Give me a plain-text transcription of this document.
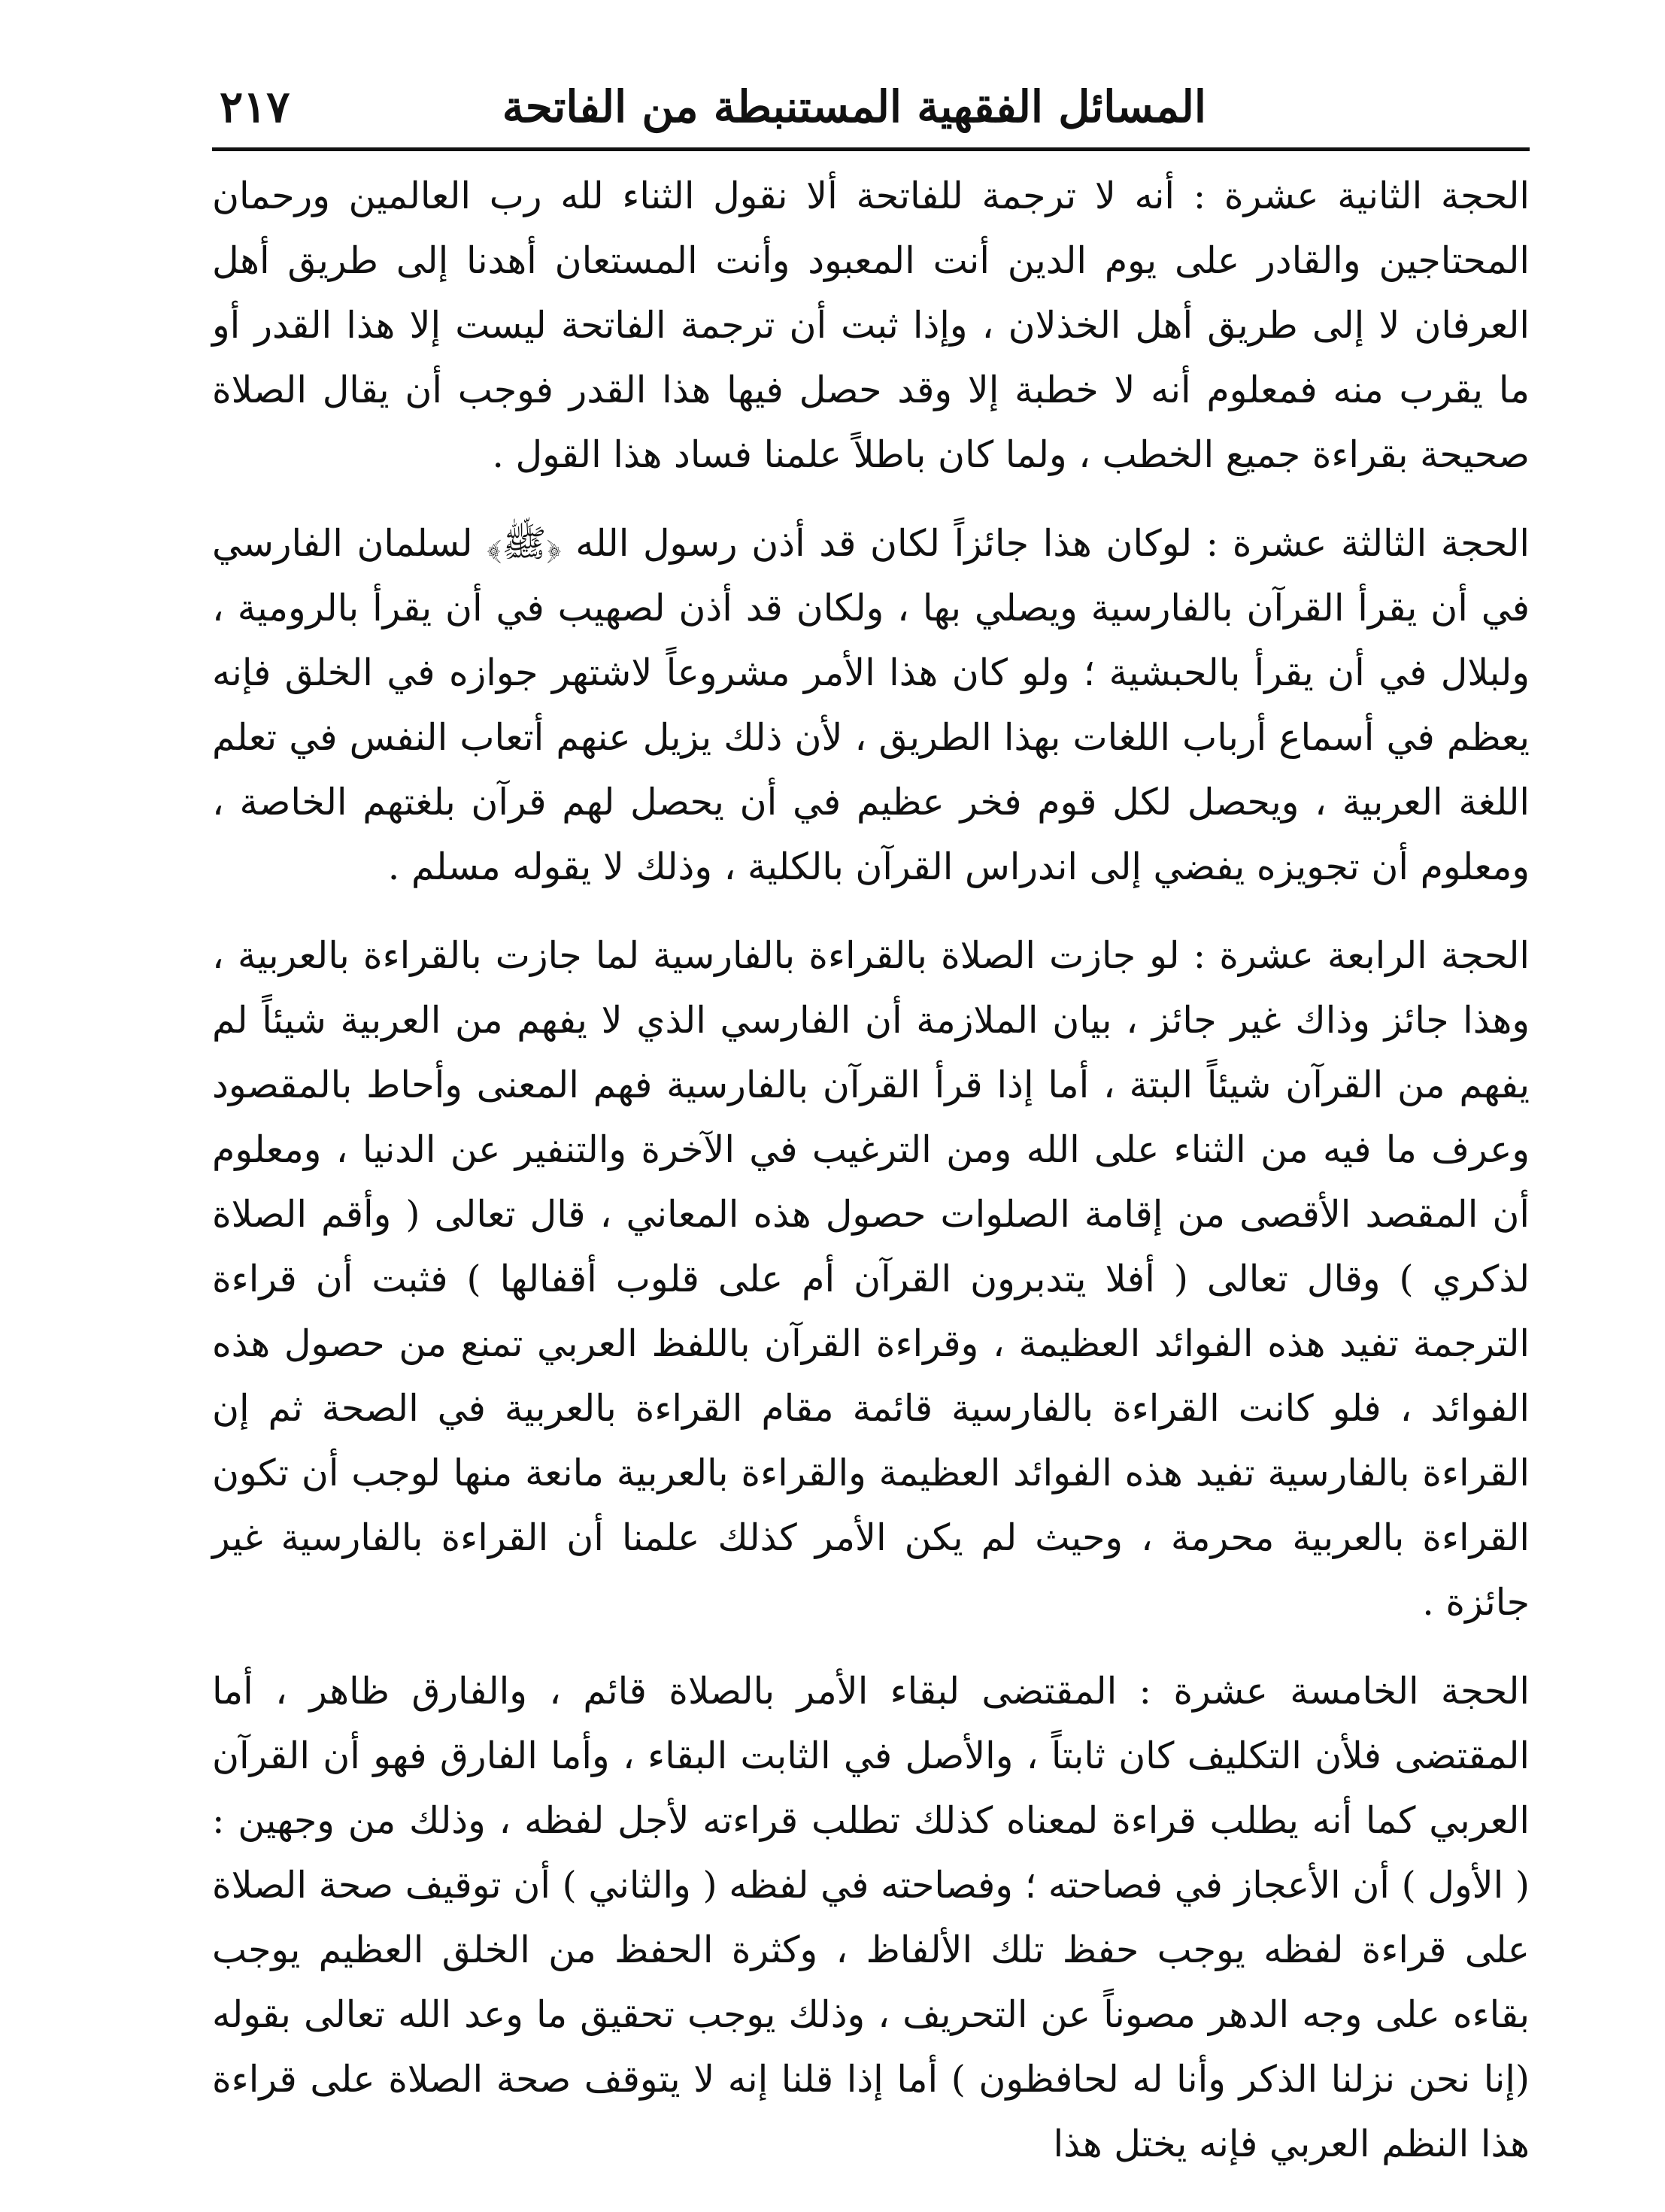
المسائل الفقهية المستنبطة من الفاتحة
٢١٧

الحجة الثانية عشرة : أنه لا ترجمة للفاتحة ألا نقول الثناء لله رب العالمين ورحمان المحتاجين والقادر على يوم الدين أنت المعبود وأنت المستعان أهدنا إلى طريق أهل العرفان لا إلى طريق أهل الخذلان ، وإذا ثبت أن ترجمة الفاتحة ليست إلا هذا القدر أو ما يقرب منه فمعلوم أنه لا خطبة إلا وقد حصل فيها هذا القدر فوجب أن يقال الصلاة صحيحة بقراءة جميع الخطب ، ولما كان باطلاً علمنا فساد هذا القول .

الحجة الثالثة عشرة : لوكان هذا جائزاً لكان قد أذن رسول الله ﴿ﷺ﴾ لسلمان الفارسي في أن يقرأ القرآن بالفارسية ويصلي بها ، ولكان قد أذن لصهيب في أن يقرأ بالرومية ، ولبلال في أن يقرأ بالحبشية ؛ ولو كان هذا الأمر مشروعاً لاشتهر جوازه في الخلق فإنه يعظم في أسماع أرباب اللغات بهذا الطريق ، لأن ذلك يزيل عنهم أتعاب النفس في تعلم اللغة العربية ، ويحصل لكل قوم فخر عظيم في أن يحصل لهم قرآن بلغتهم الخاصة ، ومعلوم أن تجويزه يفضي إلى اندراس القرآن بالكلية ، وذلك لا يقوله مسلم .

الحجة الرابعة عشرة : لو جازت الصلاة بالقراءة بالفارسية لما جازت بالقراءة بالعربية ، وهذا جائز وذاك غير جائز ، بيان الملازمة أن الفارسي الذي لا يفهم من العربية شيئاً لم يفهم من القرآن شيئاً البتة ، أما إذا قرأ القرآن بالفارسية فهم المعنى وأحاط بالمقصود وعرف ما فيه من الثناء على الله ومن الترغيب في الآخرة والتنفير عن الدنيا ، ومعلوم أن المقصد الأقصى من إقامة الصلوات حصول هذه المعاني ، قال تعالى ( وأقم الصلاة لذكري ) وقال تعالى ( أفلا يتدبرون القرآن أم على قلوب أقفالها ) فثبت أن قراءة الترجمة تفيد هذه الفوائد العظيمة ، وقراءة القرآن باللفظ العربي تمنع من حصول هذه الفوائد ، فلو كانت القراءة بالفارسية قائمة مقام القراءة بالعربية في الصحة ثم إن القراءة بالفارسية تفيد هذه الفوائد العظيمة والقراءة بالعربية مانعة منها لوجب أن تكون القراءة بالعربية محرمة ، وحيث لم يكن الأمر كذلك علمنا أن القراءة بالفارسية غير جائزة .

الحجة الخامسة عشرة : المقتضى لبقاء الأمر بالصلاة قائم ، والفارق ظاهر ، أما المقتضى فلأن التكليف كان ثابتاً ، والأصل في الثابت البقاء ، وأما الفارق فهو أن القرآن العربي كما أنه يطلب قراءة لمعناه كذلك تطلب قراءته لأجل لفظه ، وذلك من وجهين : ( الأول ) أن الأعجاز في فصاحته ؛ وفصاحته في لفظه ( والثاني ) أن توقيف صحة الصلاة على قراءة لفظه يوجب حفظ تلك الألفاظ ، وكثرة الحفظ من الخلق العظيم يوجب بقاءه على وجه الدهر مصوناً عن التحريف ، وذلك يوجب تحقيق ما وعد الله تعالى بقوله (إنا نحن نزلنا الذكر وأنا له لحافظون ) أما إذا قلنا إنه لا يتوقف صحة الصلاة على قراءة هذا النظم العربي فإنه يختل هذا
